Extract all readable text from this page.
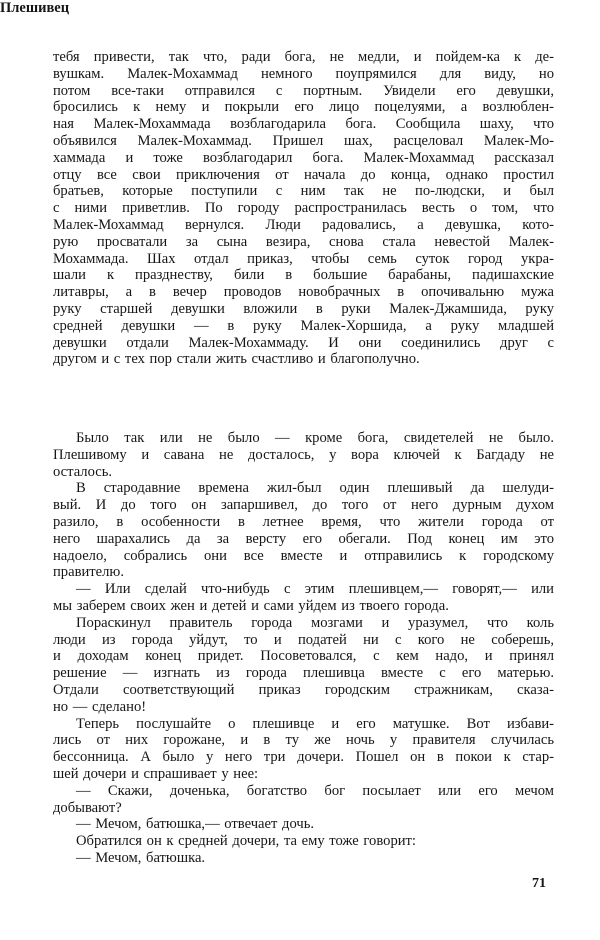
тебя привести, так что, ради бога, не медли, и пойдем-ка к де-
вушкам. Малек-Мохаммад немного поупрямился для виду, но
потом все-таки отправился с портным. Увидели его девушки,
бросились к нему и покрыли его лицо поцелуями, а возлюблен-
ная Малек-Мохаммада возблагодарила бога. Сообщила шаху, что
объявился Малек-Мохаммад. Пришел шах, расцеловал Малек-Мо-
хаммада и тоже возблагодарил бога. Малек-Мохаммад рассказал
отцу все свои приключения от начала до конца, однако простил
братьев, которые поступили с ним так не по-людски, и был
с ними приветлив. По городу распространилась весть о том, что
Малек-Мохаммад вернулся. Люди радовались, а девушка, кото-
рую просватали за сына везира, снова стала невестой Малек-
Мохаммада. Шах отдал приказ, чтобы семь суток город укра-
шали к празднеству, били в большие барабаны, падишахские
литавры, а в вечер проводов новобрачных в опочивальню мужа
руку старшей девушки вложили в руки Малек-Джамшида, руку
средней девушки — в руку Малек-Хоршида, а руку младшей
девушки отдали Малек-Мохаммаду. И они соединились друг с
другом и с тех пор стали жить счастливо и благополучно.
Плешивец
Было так или не было — кроме бога, свидетелей не было.
Плешивому и савана не досталось, у вора ключей к Багдаду не
осталось.
В стародавние времена жил-был один плешивый да шелуди-
вый. И до того он запаршивел, до того от него дурным духом
разило, в особенности в летнее время, что жители города от
него шарахались да за версту его обегали. Под конец им это
надоело, собрались они все вместе и отправились к городскому
правителю.
— Или сделай что-нибудь с этим плешивцем,— говорят,— или
мы заберем своих жен и детей и сами уйдем из твоего города.
Пораскинул правитель города мозгами и уразумел, что коль
люди из города уйдут, то и податей ни с кого не соберешь,
и доходам конец придет. Посоветовался, с кем надо, и принял
решение — изгнать из города плешивца вместе с его матерью.
Отдали соответствующий приказ городским стражникам, сказа-
но — сделано!
Теперь послушайте о плешивце и его матушке. Вот избави-
лись от них горожане, и в ту же ночь у правителя случилась
бессонница. А было у него три дочери. Пошел он в покои к стар-
шей дочери и спрашивает у нее:
— Скажи, доченька, богатство бог посылает или его мечом
добывают?
— Мечом, батюшка,— отвечает дочь.
Обратился он к средней дочери, та ему тоже говорит:
— Мечом, батюшка.
71
